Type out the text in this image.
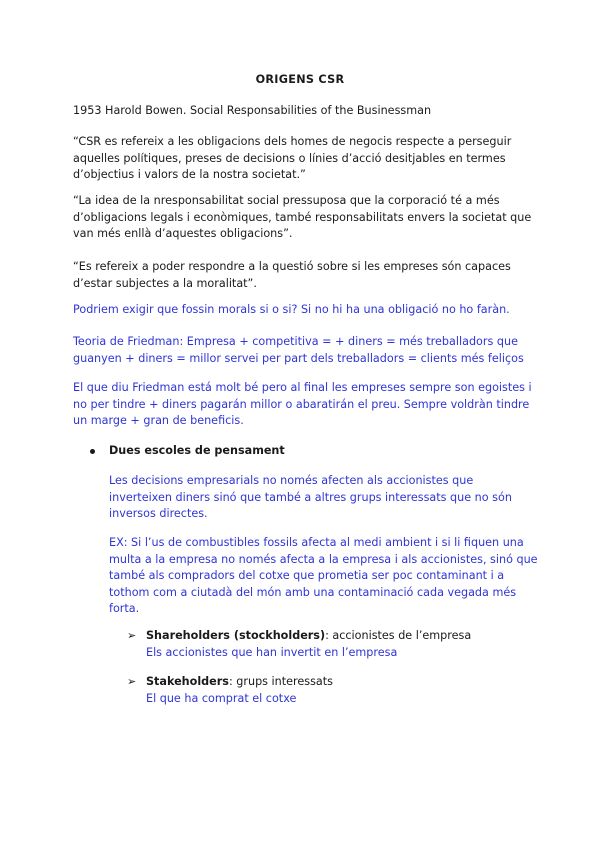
ORIGENS CSR

1953 Harold Bowen. Social Responsabilities of the Businessman

“CSR es refereix a les obligacions dels homes de negocis respecte a perseguir aquelles polítiques, preses de decisions o línies d’acció desitjables en termes d’objectius i valors de la nostra societat.”

“La idea de la nresponsabilitat social pressuposa que la corporació té a més d’obligacions legals i econòmiques, també responsabilitats envers la societat que van més enllà d’aquestes obligacions”.

“Es refereix a poder respondre a la questió sobre si les empreses són capaces d’estar subjectes a la moralitat”.

Podriem exigir que fossin morals si o si? Si no hi ha una obligació no ho faràn.

Teoria de Friedman: Empresa + competitiva = + diners = més treballadors que guanyen + diners = millor servei per part dels treballadors = clients més feliços

El que diu Friedman está molt bé pero al final les empreses sempre son egoistes i no per tindre + diners pagarán millor o abaratirán el preu. Sempre voldràn tindre un marge + gran de beneficis.

Dues escoles de pensament

Les decisions empresarials no només afecten als accionistes que inverteixen diners sinó que també a altres grups interessats que no són inversos directes.

EX: Si l’us de combustibles fossils afecta al medi ambient i si li fiquen una multa a la empresa no només afecta a la empresa i als accionistes, sinó que també als compradors del cotxe que prometia ser poc contaminant i a tothom com a ciutadà del món amb una contaminació cada vegada més forta.

➢ Shareholders (stockholders): accionistes de l’empresa
Els accionistes que han invertit en l’empresa
➢ Stakeholders: grups interessats
El que ha comprat el cotxe
